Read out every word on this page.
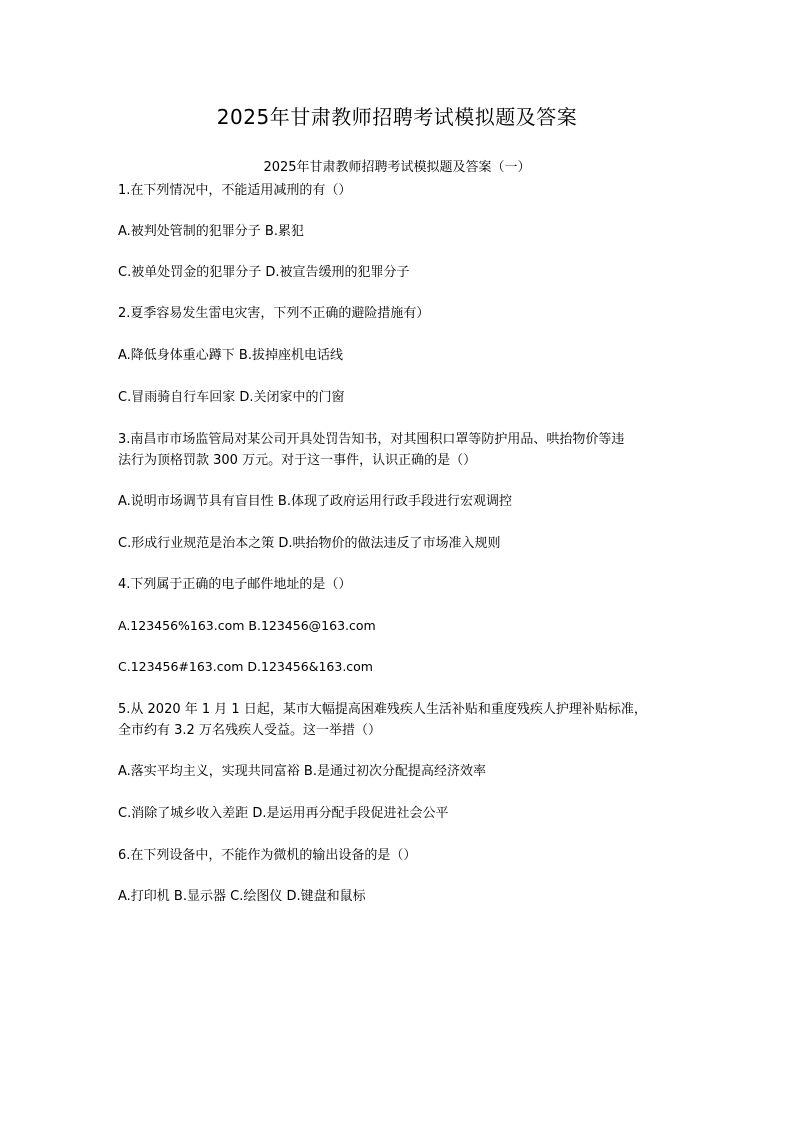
2025年甘肃教师招聘考试模拟题及答案
2025年甘肃教师招聘考试模拟题及答案（一）
1.在下列情况中，不能适用减刑的有（）
A.被判处管制的犯罪分子 B.累犯
C.被单处罚金的犯罪分子 D.被宣告缓刑的犯罪分子
2.夏季容易发生雷电灾害，下列不正确的避险措施有）
A.降低身体重心蹲下 B.拔掉座机电话线
C.冒雨骑自行车回家 D.关闭家中的门窗
3.南昌市市场监管局对某公司开具处罚告知书，对其囤积口罩等防护用品、哄抬物价等违
法行为顶格罚款 300 万元。对于这一事件，认识正确的是（）
A.说明市场调节具有盲目性 B.体现了政府运用行政手段进行宏观调控
C.形成行业规范是治本之策 D.哄抬物价的做法违反了市场准入规则
4.下列属于正确的电子邮件地址的是（）
A.123456%163.com B.123456@163.com
C.123456#163.com D.123456&163.com
5.从 2020 年 1 月 1 日起，某市大幅提高困难残疾人生活补贴和重度残疾人护理补贴标准，
全市约有 3.2 万名残疾人受益。这一举措（）
A.落实平均主义，实现共同富裕 B.是通过初次分配提高经济效率
C.消除了城乡收入差距 D.是运用再分配手段促进社会公平
6.在下列设备中，不能作为微机的输出设备的是（）
A.打印机 B.显示器 C.绘图仪 D.键盘和鼠标
